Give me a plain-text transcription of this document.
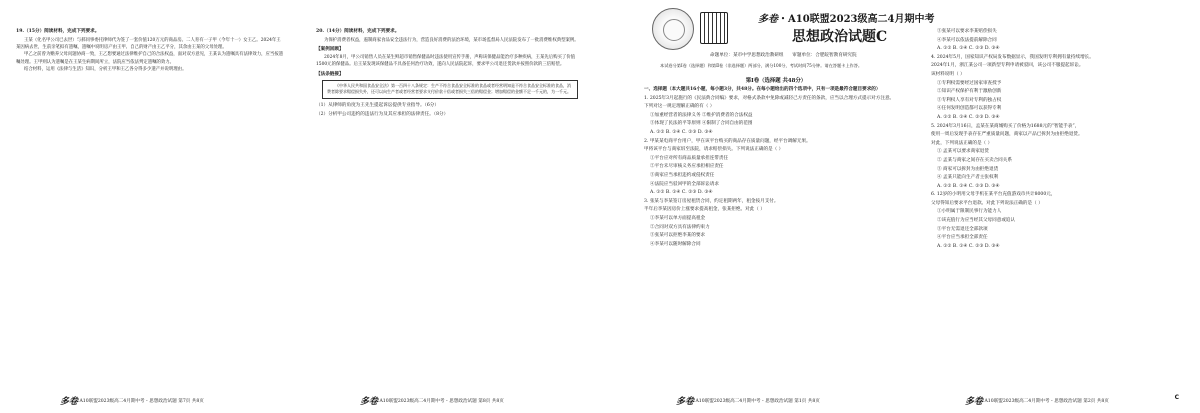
19.（15分）阅读材料，完成下列要求。

王某（化名甲公司已去世）与郝同事委托律师代为签了一套价值120万元的商品房。二人育有一子甲（今年十一）女王乙。2024年王某因病去世，生前亲笔拟有遗嘱，遗嘱中说明房产由王甲、自己的财产由王乙平分，其余由王某的父母处理。

甲乙之前曾为赡养父母问题协商一致，王乙想要通过法律维护自己的合法权益，面对双方意见，王某认为遗嘱具有法律效力，应当按遗嘱处理。王甲则认为遗嘱是在王某生病期间所立，法院应当依法判定遗嘱的效力。

结合材料，运用《法律与生活》知识，分析王甲和王乙各分得多少遗产并说明理由。

多卷 A10联盟2023级高二4月期中考・思想政治试题 第7页 共8页

20.（14分）阅读材料，完成下列要求。

为保护消费者权益，遏制商家食品安全违法行为，营造良好消费的法治环境，某市场监督局人民法院发布了一批消费维权典型案例。

【案例回顾】

2024年8月，甲公司销售人员在某生鲜超市销售保健品时违法使用宣传手册，声称该保健品能治疗多种疾病，王某先后购买了价值1500元的保健品。后王某发现该保健品不具备任何治疗功效，遂向人民法院起诉，要求甲公司退还货款并按照价款的三倍赔偿。

【法条链接】

《中华人民共和国食品安全法》第一百四十八条规定：生产不符合食品安全标准的食品或者经营明知是不符合食品安全标准的食品，消费者除要求赔偿损失外，还可以向生产者或者经营者要求支付价款十倍或者损失三倍的赔偿金；增加赔偿的金额不足一千元的，为一千元。

（1）从律师的角度为王先生提起诉讼提供专业指导。（6分）

（2）分析甲公司违约的违法行为及其应承担的法律责任。（8分）

多卷 A10联盟2023级高二4月期中考・思想政治试题 第8页 共8页
多卷・A10联盟2023级高二4月期中考
思想政治试题C
命题单位：某市中学思想政治教研组 审题单位：合肥皖智教育研究院
本试卷分第Ⅰ卷（选择题）和第Ⅱ卷（非选择题）两部分，满分100分，考试时间75分钟。请在答题卡上作答。
第Ⅰ卷（选择题 共48分）

一、选择题（本大题共16小题，每小题3分，共48分。在每小题给出的四个选项中，只有一项是最符合题目要求的）

1. 2025年3月起施行的《民法典合同编》要求，对格式条款中免除或减轻己方责任的条款，应当以合理方式提示对方注意。

下列对这一规定理解正确的有（ ）

①加重经营者的法律义务 ②维护消费者的合法权益

③体现了民法的平等原则 ④限制了合同自由的范围

A. ①② B. ①④ C. ②③ D. ③④

2. 甲某某电商平台用户，甲在该平台购买的商品存在质量问题，经平台调解无果。

甲将该平台与商家诉至法院，请求赔偿损失。下列说法正确的是（ ）

①平台应对所有商品质量承担连带责任

②平台未尽审核义务应承担相应责任

③商家应当承担违约或侵权责任

④法院应当驳回甲的全部诉讼请求

A. ①② B. ①④ C. ②③ D. ③④

3. 张某与李某签订房屋租赁合同，约定租期两年，租金按月支付。

半年后李某因房价上涨要求提高租金，张某拒绝。对此（ ）

①李某可以单方面提高租金

②合同对双方具有法律约束力

③张某可以拒绝李某的要求

④李某可以随时解除合同

多卷 A10联盟2023级高二4月期中考・思想政治试题 第1页 共8页

③张某可以要求李某赔偿损失

④李某可以依法提前解除合同

A. ①② B. ①④ C. ②③ D. ③④

4. 2024年5月，国家知识产权局发布数据显示，我国发明专利拥有量持续增长。

2024年1月，浙江某公司一项新型专利申请被驳回，该公司不服提起诉讼。

该材料说明（ ）

①专利权需要经过国家审查授予

②知识产权保护有利于激励创新

③专利权人享有对专利的独占权

④任何发明创造都可以获得专利

A. ①② B. ①④ C. ②③ D. ③④

5. 2024年3月16日，孟某在某商城购买了价格为1688元的“智能手表”，

使用一周后发现手表存在严重质量问题，商家以产品已拆封为由拒绝退货。

对此，下列说法正确的是（ ）

① 孟某可以要求商家退货

② 孟某与商家之间存在买卖合同关系

③ 商家可以拆封为由拒绝退货

④ 孟某只能向生产者主张权利

A. ①② B. ①④ C. ②③ D. ③④

6. 12岁的小明用父母手机在某平台充值游戏币共计8000元，

父母得知后要求平台退款。对此下列说法正确的是（ ）

①小明属于限制民事行为能力人

②该充值行为应当经其父母同意或追认

③平台无需退还全部款项

④平台应当承担全部责任

A. ①② B. ①④ C. ②③ D. ③④

多卷 A10联盟2023级高二4月期中考・思想政治试题 第2页 共8页
C
